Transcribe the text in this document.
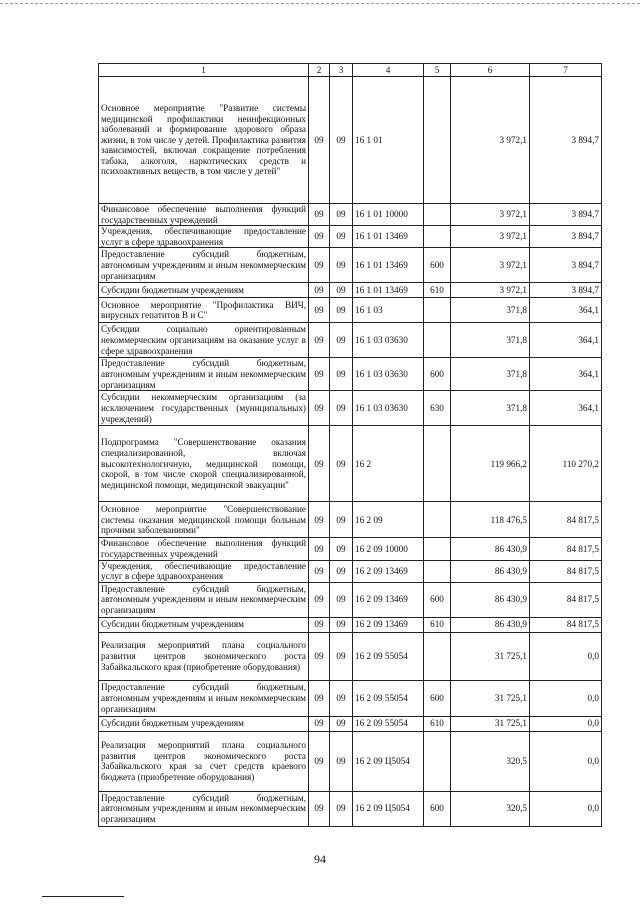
1	2	3	4	5	6	7
Основное мероприятие "Развитие системы медицинской профилактики неинфекционных заболеваний и формирование здорового образа жизни, в том числе у детей. Профилактика развития зависимостей, включая сокращение потребления табака, алкоголя, наркотических средств и психоактивных веществ, в том числе у детей"	09	09	16 1 01		3 972,1	3 894,7
Финансовое обеспечение выполнения функций государственных учреждений	09	09	16 1 01 10000		3 972,1	3 894,7
Учреждения, обеспечивающие предоставление услуг в сфере здравоохранения	09	09	16 1 01 13469		3 972,1	3 894,7
Предоставление субсидий бюджетным, автономным учреждениям и иным некоммерческим организациям	09	09	16 1 01 13469	600	3 972,1	3 894,7
Субсидии бюджетным учреждениям	09	09	16 1 01 13469	610	3 972,1	3 894,7
Основное мероприятие "Профилактика ВИЧ, вирусных гепатитов В и С"	09	09	16 1 03		371,8	364,1
Субсидии социально ориентированным некоммерческим организациям на оказание услуг в сфере здравоохранения	09	09	16 1 03 03630		371,8	364,1
Предоставление субсидий бюджетным, автономным учреждениям и иным некоммерческим организациям	09	09	16 1 03 03630	600	371,8	364,1
Субсидии некоммерческим организациям (за исключением государственных (муниципальных) учреждений)	09	09	16 1 03 03630	630	371,8	364,1
Подпрограмма "Совершенствование оказания специализированной, включая высокотехнологичную, медицинской помощи, скорой, в том числе скорой специализированной, медицинской помощи, медицинской эвакуации"	09	09	16 2		119 966,2	110 270,2
Основное мероприятие "Совершенствование системы оказания медицинской помощи больным прочими заболеваниями"	09	09	16 2 09		118 476,5	84 817,5
Финансовое обеспечение выполнения функций государственных учреждений	09	09	16 2 09 10000		86 430,9	84 817,5
Учреждения, обеспечивающие предоставление услуг в сфере здравоохранения	09	09	16 2 09 13469		86 430,9	84 817,5
Предоставление субсидий бюджетным, автономным учреждениям и иным некоммерческим организациям	09	09	16 2 09 13469	600	86 430,9	84 817,5
Субсидии бюджетным учреждениям	09	09	16 2 09 13469	610	86 430,9	84 817,5
Реализация мероприятий плана социального развития центров экономического роста Забайкальского края (приобретение оборудования)	09	09	16 2 09 55054		31 725,1	0,0
Предоставление субсидий бюджетным, автономным учреждениям и иным некоммерческим организациям	09	09	16 2 09 55054	600	31 725,1	0,0
Субсидии бюджетным учреждениям	09	09	16 2 09 55054	610	31 725,1	0,0
Реализация мероприятий плана социального развития центров экономического роста Забайкальского края за счет средств краевого бюджета (приобретение оборудования)	09	09	16 2 09 Ц5054		320,5	0,0
Предоставление субсидий бюджетным, автономным учреждениям и иным некоммерческим организациям	09	09	16 2 09 Ц5054	600	320,5	0,0
94
